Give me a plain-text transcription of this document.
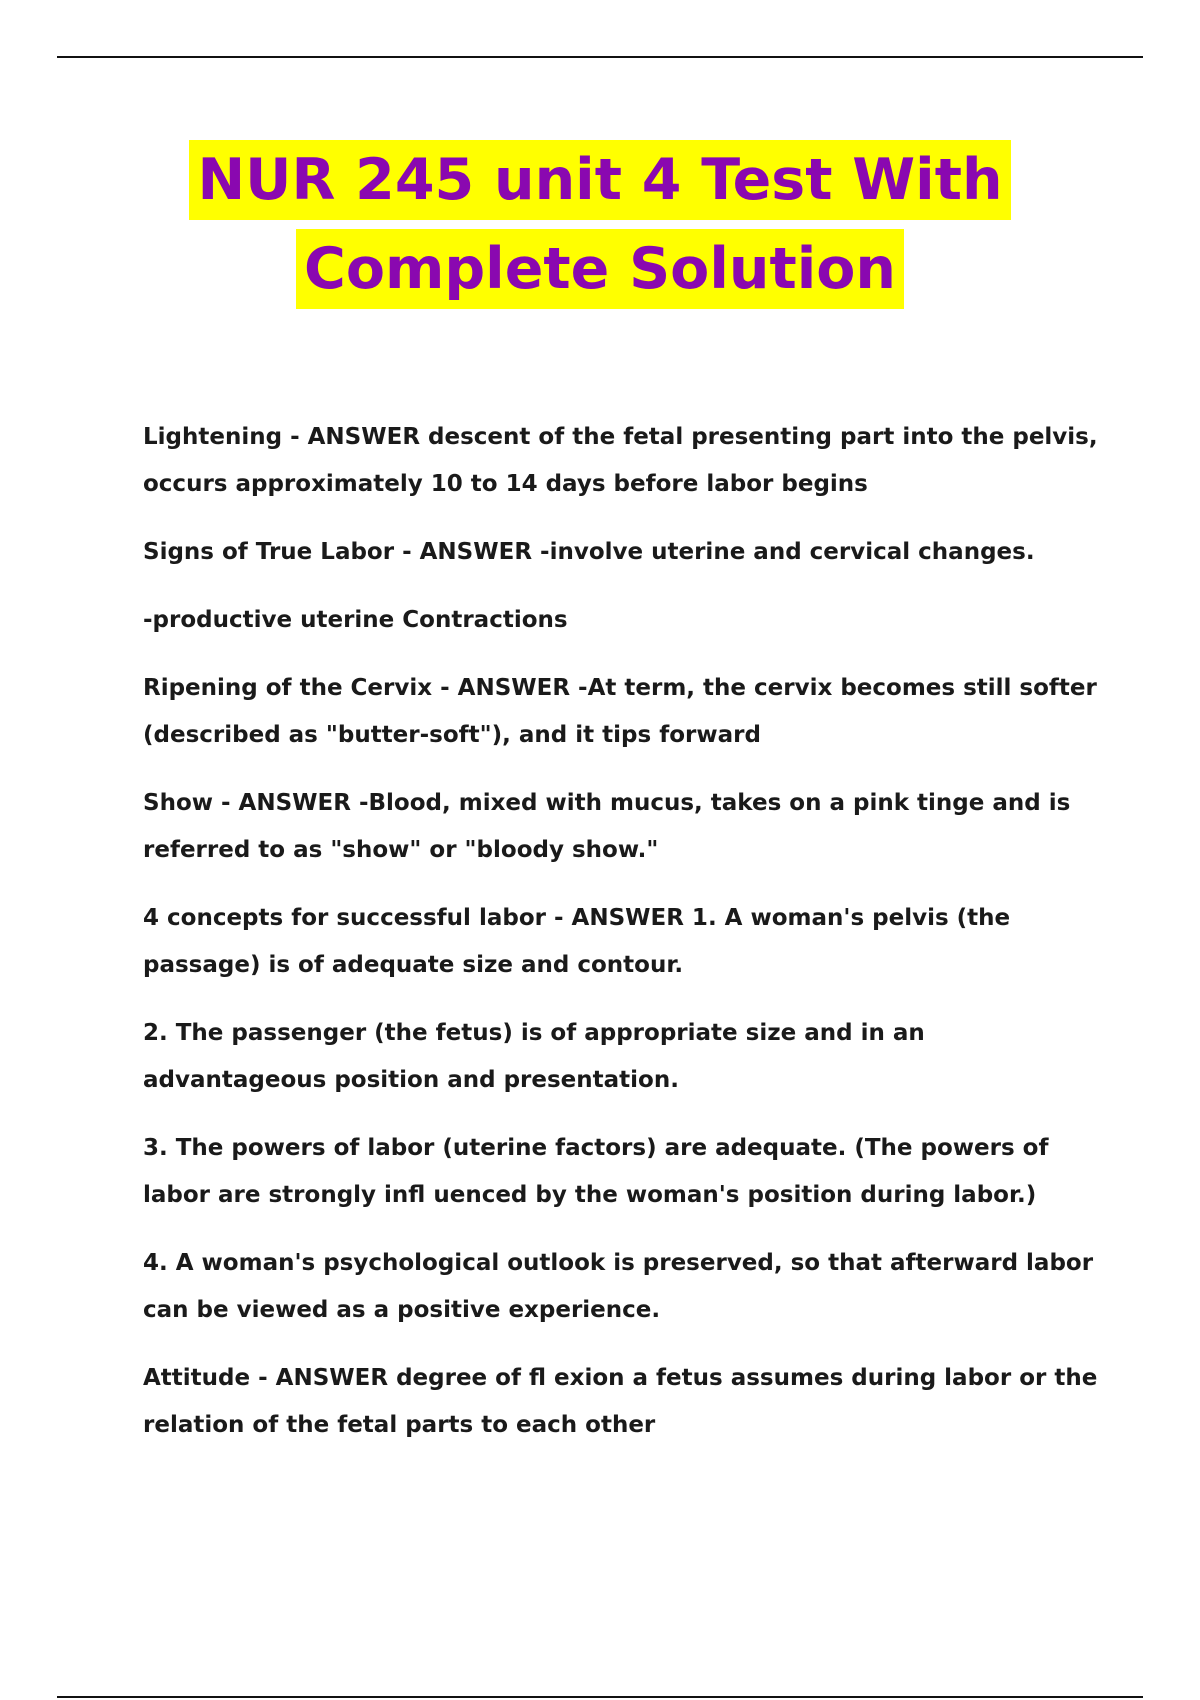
NUR 245 unit 4 Test With
Complete Solution

Lightening - ANSWER descent of the fetal presenting part into the pelvis, occurs approximately 10 to 14 days before labor begins

Signs of True Labor - ANSWER -involve uterine and cervical changes.

-productive uterine Contractions

Ripening of the Cervix - ANSWER -At term, the cervix becomes still softer (described as "butter-soft"), and it tips forward

Show - ANSWER -Blood, mixed with mucus, takes on a pink tinge and is referred to as "show" or "bloody show."

4 concepts for successful labor - ANSWER 1. A woman's pelvis (the passage) is of adequate size and contour.

2. The passenger (the fetus) is of appropriate size and in an advantageous position and presentation.

3. The powers of labor (uterine factors) are adequate. (The powers of labor are strongly infl uenced by the woman's position during labor.)

4. A woman's psychological outlook is preserved, so that afterward labor can be viewed as a positive experience.

Attitude - ANSWER degree of fl exion a fetus assumes during labor or the relation of the fetal parts to each other
